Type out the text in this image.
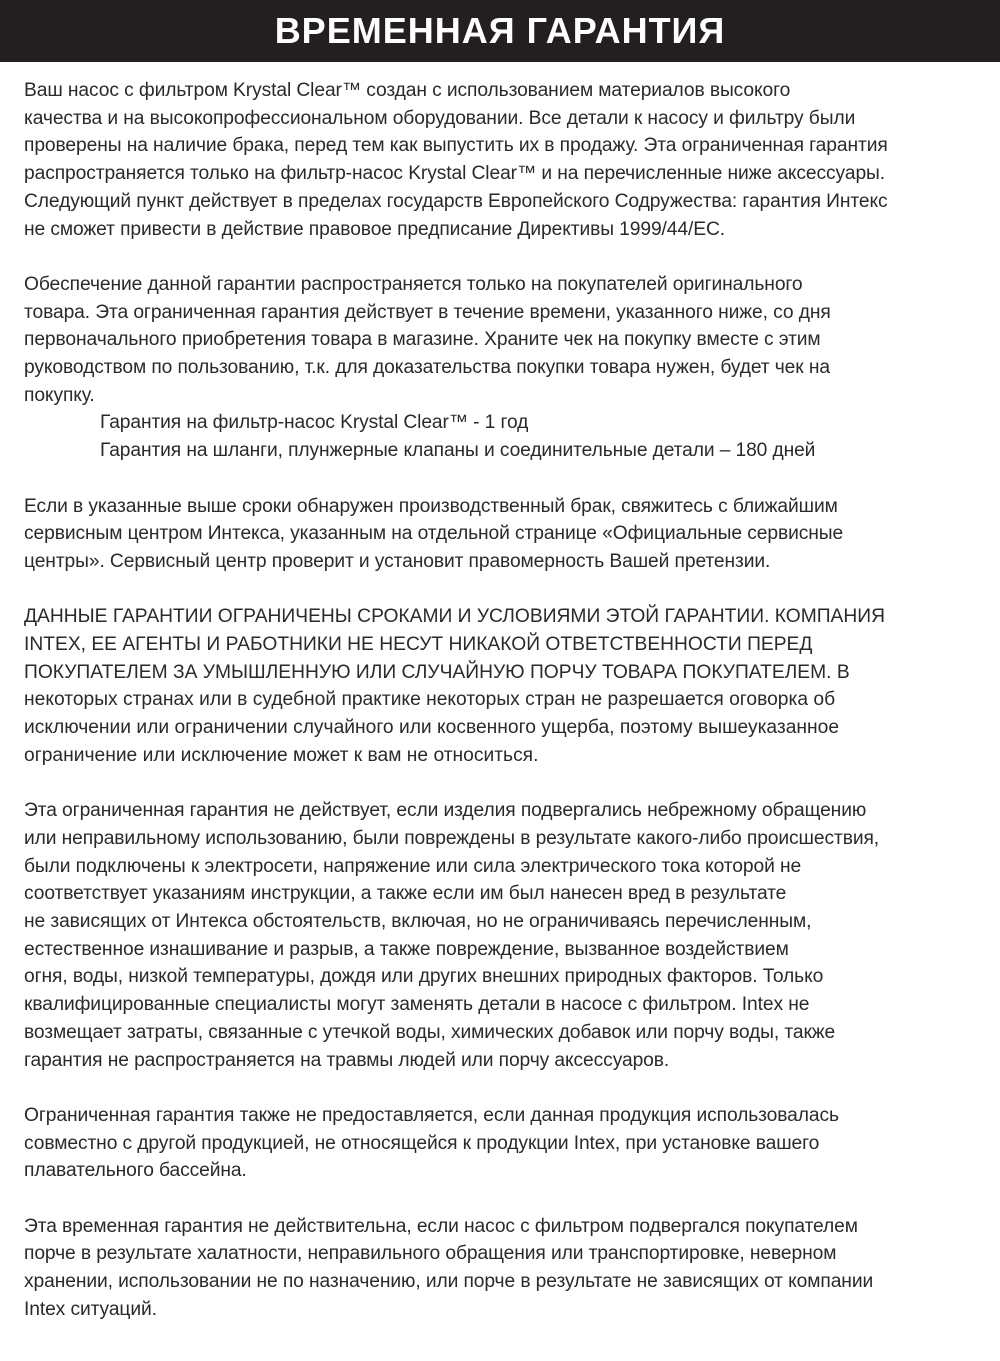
ВРЕМЕННАЯ ГАРАНТИЯ
Ваш насос с фильтром Krystal Clear™ создан с использованием материалов высокого
качества и на высокопрофессиональном оборудовании. Все детали к насосу и фильтру были
проверены на наличие брака, перед тем как выпустить их в продажу. Эта ограниченная гарантия
распространяется только на фильтр-насос Krystal Clear™ и на перечисленные ниже аксессуары.
Следующий пункт действует в пределах государств Европейского Содружества: гарантия Интекс
не сможет привести в действие правовое предписание Директивы 1999/44/ЕС.
Обеспечение данной гарантии распространяется только на покупателей оригинального
товара. Эта ограниченная гарантия действует в течение времени, указанного ниже, со дня
первоначального приобретения товара в магазине. Храните чек на покупку вместе с этим
руководством по пользованию, т.к. для доказательства покупки товара нужен, будет чек на
покупку.
Гарантия на фильтр-насос Krystal Clear™ - 1 год
Гарантия на шланги, плунжерные клапаны и соединительные детали – 180 дней
Если в указанные выше сроки обнаружен производственный брак, свяжитесь с ближайшим
сервисным центром Интекса, указанным на отдельной странице «Официальные сервисные
центры». Сервисный центр проверит и установит правомерность Вашей претензии.
ДАННЫЕ ГАРАНТИИ ОГРАНИЧЕНЫ СРОКАМИ И УСЛОВИЯМИ ЭТОЙ ГАРАНТИИ. КОМПАНИЯ
INTEX, ЕЕ АГЕНТЫ И РАБОТНИКИ НЕ НЕСУТ НИКАКОЙ ОТВЕТСТВЕННОСТИ ПЕРЕД
ПОКУПАТЕЛЕМ ЗА УМЫШЛЕННУЮ ИЛИ СЛУЧАЙНУЮ ПОРЧУ ТОВАРА ПОКУПАТЕЛЕМ. В
некоторых странах или в судебной практике некоторых стран не разрешается оговорка об
исключении или ограничении случайного или косвенного ущерба, поэтому вышеуказанное
ограничение или исключение может к вам не относиться.
Эта ограниченная гарантия не действует, если изделия подвергались небрежному обращению
или неправильному использованию, были повреждены в результате какого-либо происшествия,
были подключены к электросети, напряжение или сила электрического тока которой не
соответствует указаниям инструкции, а также если им был нанесен вред в результате
не зависящих от Интекса обстоятельств, включая, но не ограничиваясь перечисленным,
естественное изнашивание и разрыв, а также повреждение, вызванное воздействием
огня, воды, низкой температуры, дождя или других внешних природных факторов. Только
квалифицированные специалисты могут заменять детали в насосе с фильтром. Intex не
возмещает затраты, связанные с утечкой воды, химических добавок или порчу воды, также
гарантия не распространяется на травмы людей или порчу аксессуаров.
Ограниченная гарантия также не предоставляется, если данная продукция использовалась
совместно с другой продукцией, не относящейся к продукции Intex, при установке вашего
плавательного бассейна.
Эта временная гарантия не действительна, если насос с фильтром подвергался покупателем
порче в результате халатности, неправильного обращения или транспортировке, неверном
хранении, использовании не по назначению, или порче в результате не зависящих от компании
Intex ситуаций.
